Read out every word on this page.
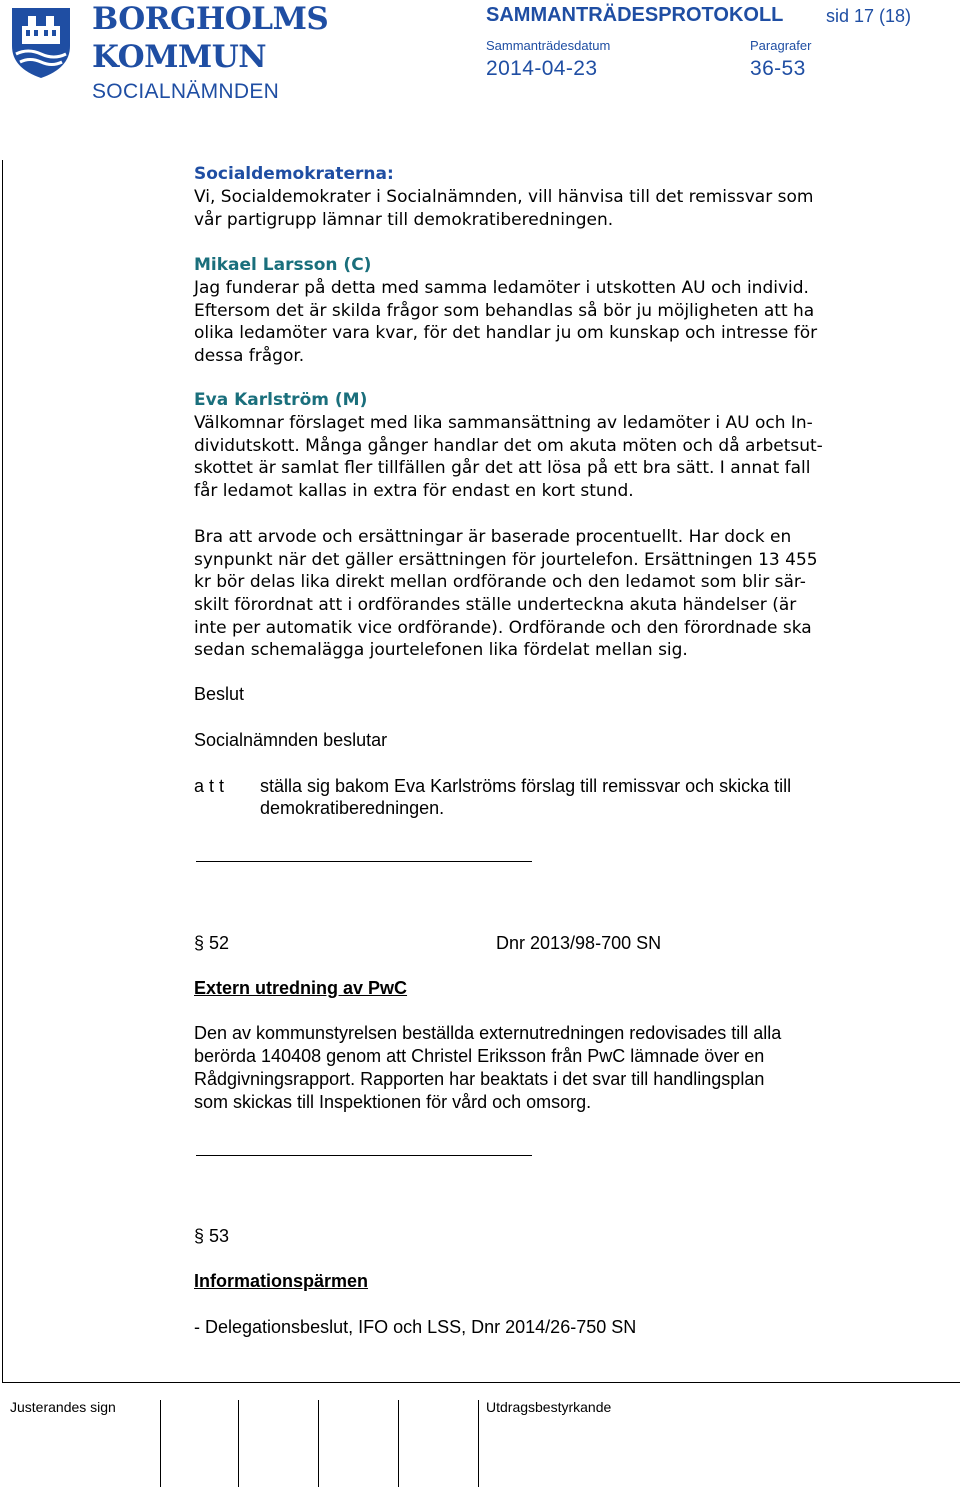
BORGHOLMS
KOMMUN
SOCIALNÄMNDEN
SAMMANTRÄDESPROTOKOLL sid 17 (18)
Sammanträdesdatum	Paragrafer
2014-04-23	36-53
Socialdemokraterna:
Vi, Socialdemokrater i Socialnämnden, vill hänvisa till det remissvar som
vår partigrupp lämnar till demokratiberedningen.
Mikael Larsson (C)
Jag funderar på detta med samma ledamöter i utskotten AU och individ.
Eftersom det är skilda frågor som behandlas så bör ju möjligheten att ha
olika ledamöter vara kvar, för det handlar ju om kunskap och intresse för
dessa frågor.
Eva Karlström (M)
Välkomnar förslaget med lika sammansättning av ledamöter i AU och In-
dividutskott. Många gånger handlar det om akuta möten och då arbetsut-
skottet är samlat fler tillfällen går det att lösa på ett bra sätt. I annat fall
får ledamot kallas in extra för endast en kort stund.
Bra att arvode och ersättningar är baserade procentuellt. Har dock en
synpunkt när det gäller ersättningen för jourtelefon. Ersättningen 13 455
kr bör delas lika direkt mellan ordförande och den ledamot som blir sär-
skilt förordnat att i ordförandes ställe underteckna akuta händelser (är
inte per automatik vice ordförande). Ordförande och den förordnade ska
sedan schemalägga jourtelefonen lika fördelat mellan sig.
Beslut
Socialnämnden beslutar
a t t ställa sig bakom Eva Karlströms förslag till remissvar och skicka till
demokratiberedningen.
§ 52	Dnr 2013/98-700 SN
Extern utredning av PwC
Den av kommunstyrelsen beställda externutredningen redovisades till alla
berörda 140408 genom att Christel Eriksson från PwC lämnade över en
Rådgivningsrapport. Rapporten har beaktats i det svar till handlingsplan
som skickas till Inspektionen för vård och omsorg.
§ 53
Informationspärmen
- Delegationsbeslut, IFO och LSS, Dnr 2014/26-750 SN
Justerandes sign	Utdragsbestyrkande
